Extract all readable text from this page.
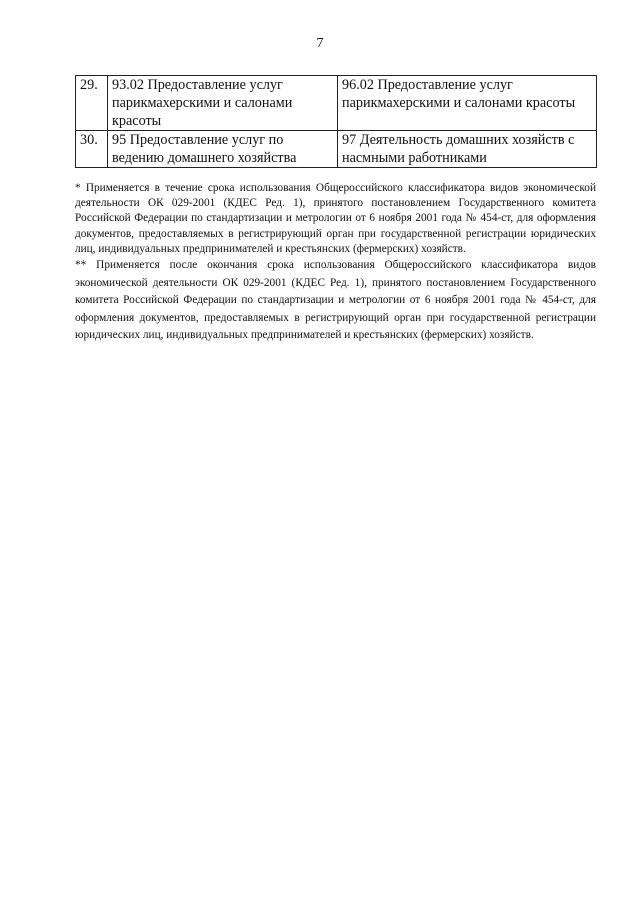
7
29.	93.02 Предоставление услуг парикмахерскими и салонами красоты	96.02 Предоставление услуг парикмахерскими и салонами красоты
30.	95 Предоставление услуг по ведению домашнего хозяйства	97 Деятельность домашних хозяйств с насмными работниками

* Применяется в течение срока использования Общероссийского классификатора видов экономической деятельности ОК 029-2001 (КДЕС Ред. 1), принятого постановлением Государственного комитета Российской Федерации по стандартизации и метрологии от 6 ноября 2001 года № 454-ст, для оформления документов, предоставляемых в регистрирующий орган при государственной регистрации юридических лиц, индивидуальных предпринимателей и крестьянских (фермерских) хозяйств.

** Применяется после окончания срока использования Общероссийского классификатора видов экономической деятельности ОК 029-2001 (КДЕС Ред. 1), принятого постановлением Государственного комитета Российской Федерации по стандартизации и метрологии от 6 ноября 2001 года № 454-ст, для оформления документов, предоставляемых в регистрирующий орган при государственной регистрации юридических лиц, индивидуальных предпринимателей и крестьянских (фермерских) хозяйств.
